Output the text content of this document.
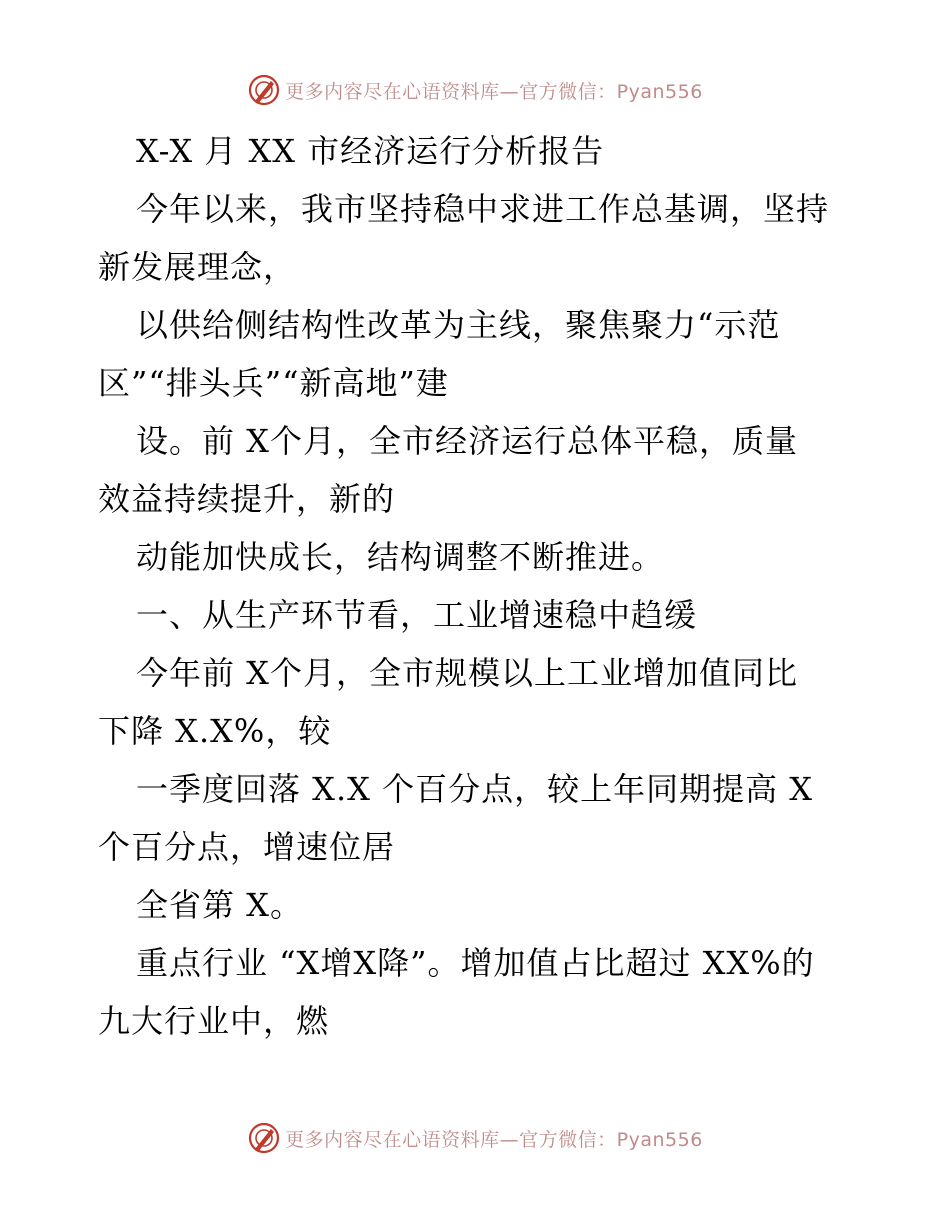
更多内容尽在心语资料库—官方微信：Pyan556
X-X 月 XX 市经济运行分析报告
今年以来，我市坚持稳中求进工作总基调，坚持
新发展理念，
以供给侧结构性改革为主线，聚焦聚力“示范
区”“排头兵”“新高地”建
设。前 X个月，全市经济运行总体平稳，质量
效益持续提升，新的
动能加快成长，结构调整不断推进。
一、从生产环节看，工业增速稳中趋缓
今年前 X个月，全市规模以上工业增加值同比
下降 X.X%，较
一季度回落 X.X 个百分点，较上年同期提高 X
个百分点，增速位居
全省第 X。
重点行业 “X增X降”。增加值占比超过 XX%的
九大行业中，燃
更多内容尽在心语资料库—官方微信：Pyan556
